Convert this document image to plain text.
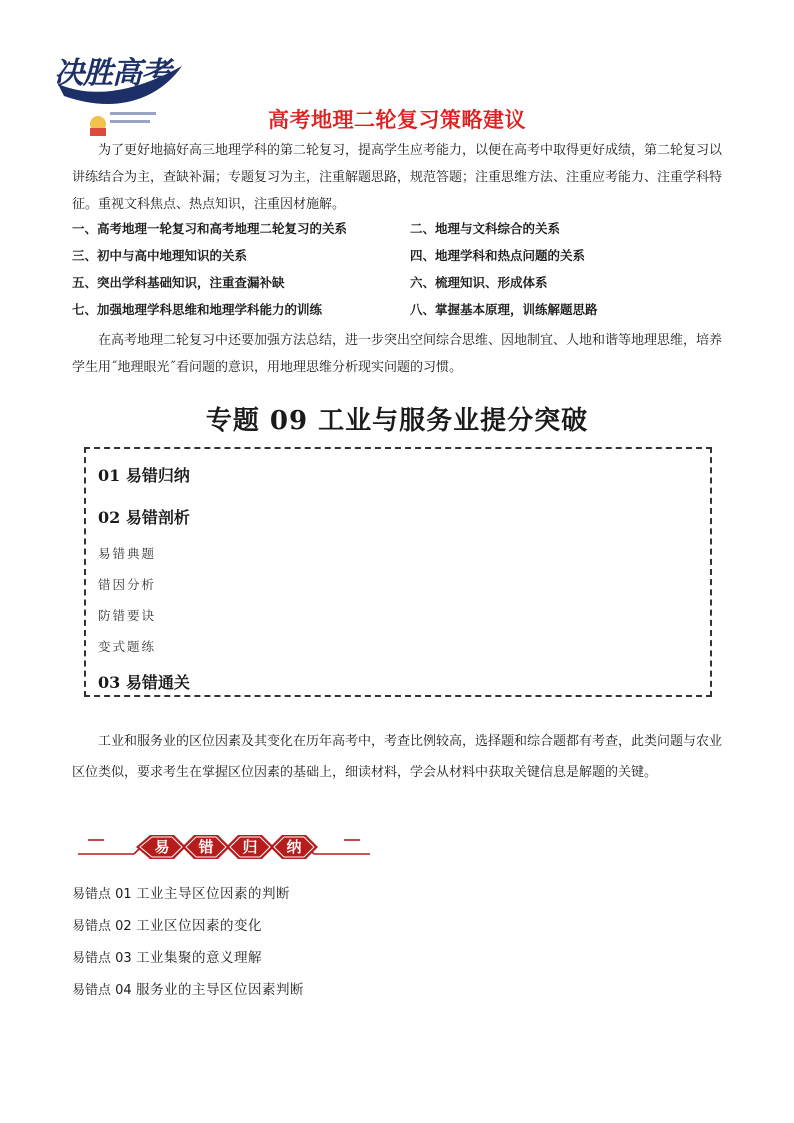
决胜高考
高考地理二轮复习策略建议
为了更好地搞好高三地理学科的第二轮复习，提高学生应考能力，以便在高考中取得更好成绩，第二轮复习以讲练结合为主，查缺补漏；专题复习为主，注重解题思路，规范答题；注重思维方法、注重应考能力、注重学科特征。重视文科焦点、热点知识，注重因材施解。
一、高考地理一轮复习和高考地理二轮复习的关系	二、地理与文科综合的关系
三、初中与高中地理知识的关系	四、地理学科和热点问题的关系
五、突出学科基础知识，注重查漏补缺	六、梳理知识、形成体系
七、加强地理学科思维和地理学科能力的训练	八、掌握基本原理，训练解题思路
在高考地理二轮复习中还要加强方法总结，进一步突出空间综合思维、因地制宜、人地和谐等地理思维，培养学生用˝地理眼光˝看问题的意识，用地理思维分析现实问题的习惯。
专题 09 工业与服务业提分突破
01 易错归纳
02 易错剖析
易错典题
错因分析
防错要诀
变式题练
03 易错通关
工业和服务业的区位因素及其变化在历年高考中，考查比例较高，选择题和综合题都有考查，此类问题与农业区位类似，要求考生在掌握区位因素的基础上，细读材料，学会从材料中获取关键信息是解题的关键。
易	错	归	纳
易错点 01 工业主导区位因素的判断
易错点 02 工业区位因素的变化
易错点 03 工业集聚的意义理解
易错点 04 服务业的主导区位因素判断
